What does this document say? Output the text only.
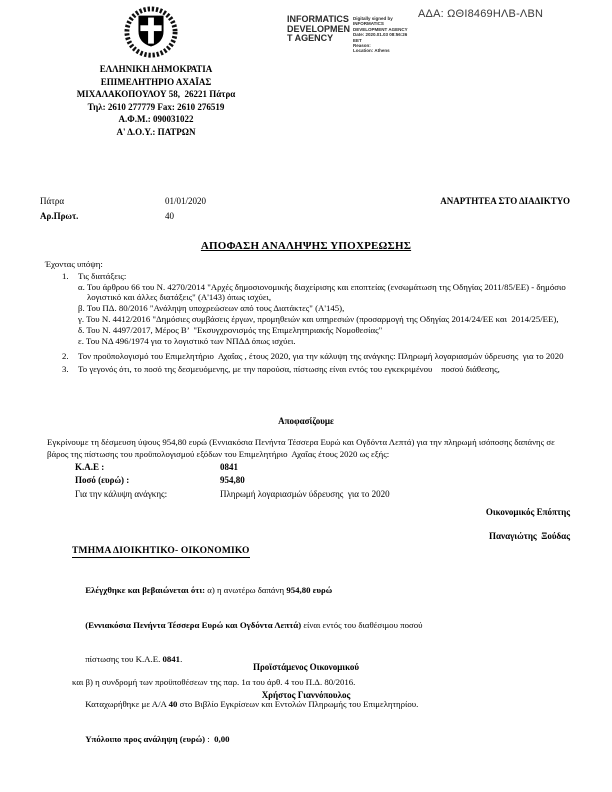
INFORMATICS
DEVELOPMEN
T AGENCY
Digitally signed by
INFORMATICS
DEVELOPMENT AGENCY
Date: 2020.01.03 08:56:26
EET
Reason:
Location: Athens
ΑΔΑ: ΩΘΙ8469ΗΛΒ-ΛΒΝ
ΕΛΛΗΝΙΚΗ ΔΗΜΟΚΡΑΤΙΑ
ΕΠΙΜΕΛΗΤΗΡΙΟ ΑΧΑΪΑΣ
ΜΙΧΑΛΑΚΟΠΟΥΛΟΥ 58,  26221 Πάτρα
Τηλ: 2610 277779 Fax: 2610 276519
Α.Φ.Μ.: 090031022
Α' Δ.Ο.Υ.: ΠΑΤΡΩΝ
Πάτρα	01/01/2020	ΑΝΑΡΤΗΤΕΑ ΣΤΟ ΔΙΑΔΙΚΤΥΟ
Αρ.Πρωτ.	40
ΑΠΟΦΑΣΗ ΑΝΑΛΗΨΗΣ ΥΠΟΧΡΕΩΣΗΣ
Έχοντας υπόψη:
1. Τις διατάξεις:
α. Του άρθρου 66 του Ν. 4270/2014 "Αρχές δημοσιονομικής διαχείρισης και εποπτείας (ενσωμάτωση της Οδηγίας 2011/85/ΕΕ) - δημόσιο λογιστικό και άλλες διατάξεις" (Α'143) όπως ισχύει,
β. Του ΠΔ. 80/2016 "Ανάληψη υποχρεώσεων από τους Διατάκτες" (Α'145),
γ. Του Ν. 4412/2016 "Δημόσιες συμβάσεις έργων, προμηθειών και υπηρεσιών (προσαρμογή της Οδηγίας 2014/24/ΕΕ και  2014/25/ΕΕ),
δ. Του Ν. 4497/2017, Μέρος Β’  "Εκσυγχρονισμός της Επιμελητηριακής Νομοθεσίας"
ε. Του ΝΔ 496/1974 για το λογιστικό των ΝΠΔΔ όπως ισχύει.
2. Τον προϋπολογισμό του Επιμελητήριο  Αχαΐας , έτους 2020, για την κάλυψη της ανάγκης: Πληρωμή λογαριασμών ύδρευσης  για το 2020
3. Το γεγονός ότι, το ποσό της δεσμευόμενης, με την παρούσα, πίστωσης είναι εντός του εγκεκριμένου    ποσού διάθεσης,
Αποφασίζουμε
Εγκρίνουμε τη δέσμευση ύψους 954,80 ευρώ (Εννιακόσια Πενήντα Τέσσερα Ευρώ και Ογδόντα Λεπτά) για την πληρωμή ισόποσης δαπάνης σε βάρος της πίστωσης του προϋπολογισμού εξόδων του Επιμελητήριο  Αχαΐας έτους 2020 ως εξής:
Κ.Α.Ε :	0841
Ποσό (ευρώ) :	954,80
Για την κάλυψη ανάγκης:	Πληρωμή λογαριασμών ύδρευσης  για το 2020
Οικονομικός Επόπτης
Παναγιώτης  Ξούδας
ΤΜΗΜΑ ΔΙΟΙΚΗΤΙΚΟ- ΟΙΚΟΝΟΜΙΚΟ

Ελέγχθηκε και βεβαιώνεται ότι: α) η ανωτέρω δαπάνη 954,80 ευρώ

(Εννιακόσια Πενήντα Τέσσερα Ευρώ και Ογδόντα Λεπτά) είναι εντός του διαθέσιμου ποσού

πίστωσης του Κ.Α.Ε. 0841.

και β) η συνδρομή των προϋποθέσεων της παρ. 1α του άρθ. 4 του Π.Δ. 80/2016.

Καταχωρήθηκε με Α/Α 40 στο Βιβλίο Εγκρίσεων και Εντολών Πληρωμής του Επιμελητηρίου.

Υπόλοιπο προς ανάληψη (ευρώ) :  0,00

Προϊστάμενος Οικονομικού
Χρήστος Γιαννόπουλος
